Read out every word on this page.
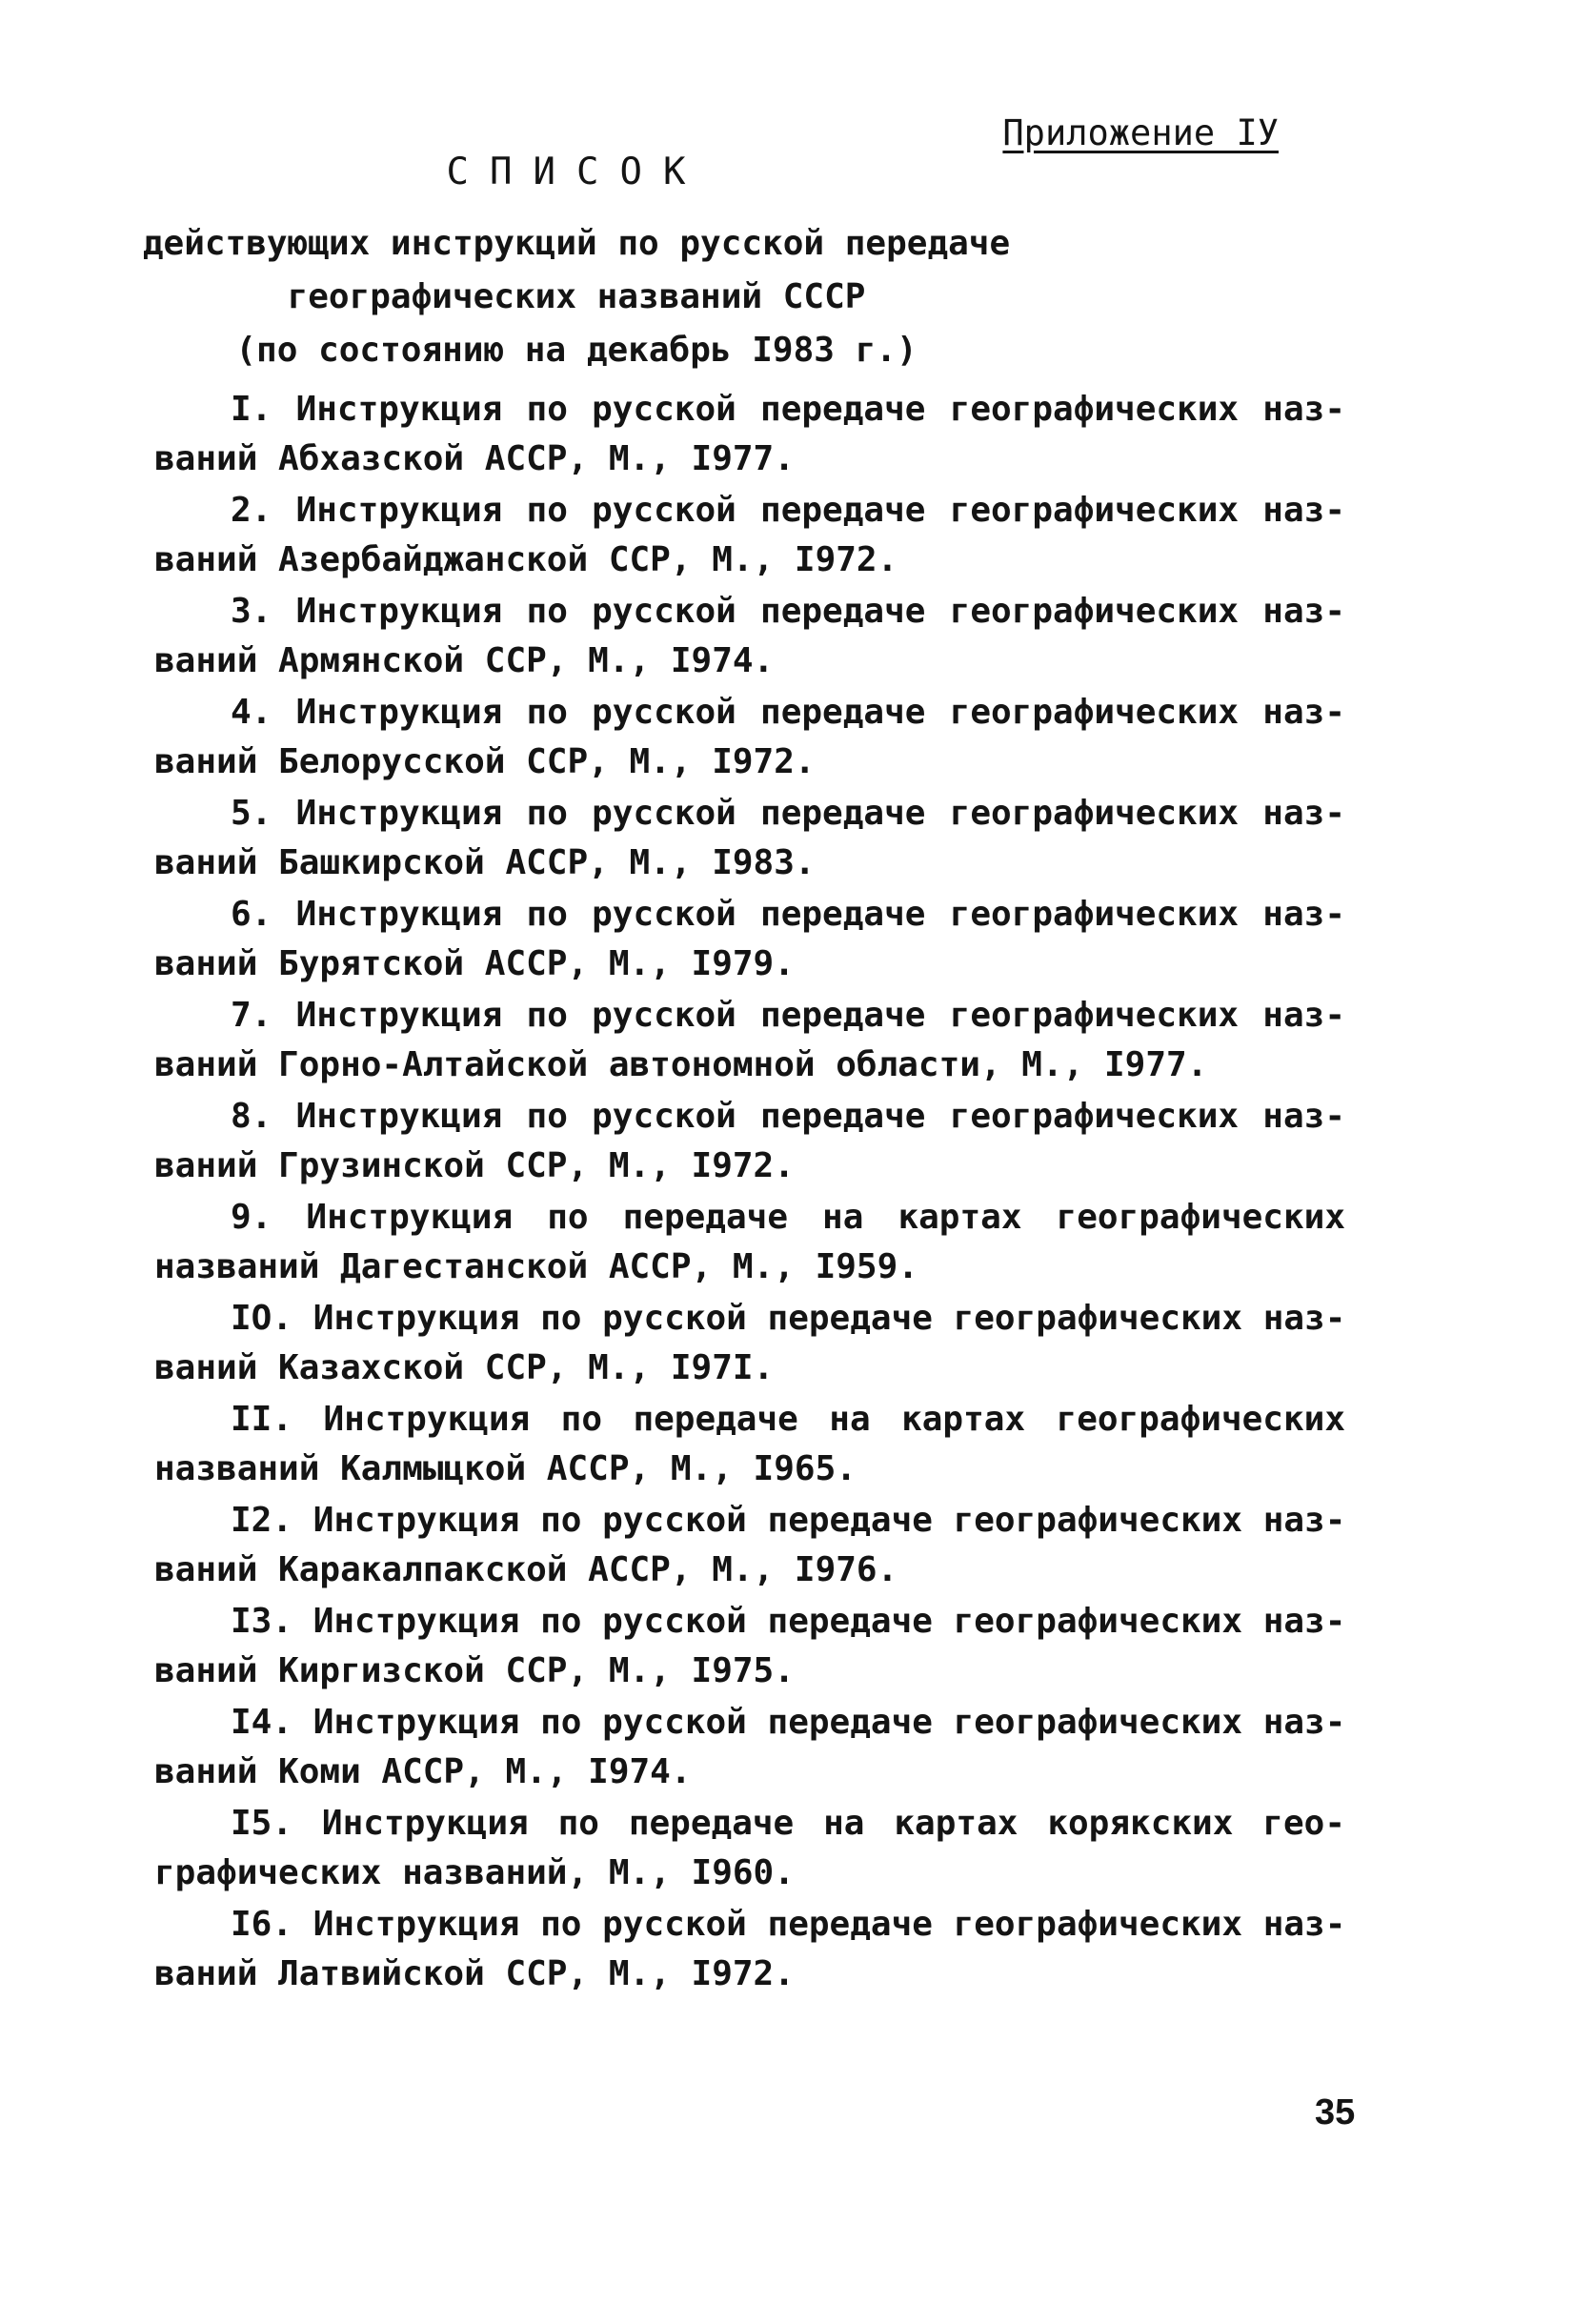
Приложение IУ
СПИСОК
действующих инструкций по русской передаче
географических названий СССР
(по состоянию на декабрь I983 г.)
I. Инструкция по русской передаче географических наз-
ваний Абхазской АССР, М., I977.
2. Инструкция по русской передаче географических наз-
ваний Азербайджанской ССР, М., I972.
3. Инструкция по русской передаче географических наз-
ваний Армянской ССР, М., I974.
4. Инструкция по русской передаче географических наз-
ваний Белорусской ССР, М., I972.
5. Инструкция по русской передаче географических наз-
ваний Башкирской АССР, М., I983.
6. Инструкция по русской передаче географических наз-
ваний Бурятской АССР, М., I979.
7. Инструкция по русской передаче географических наз-
ваний Горно-Алтайской автономной области, М., I977.
8. Инструкция по русской передаче географических наз-
ваний Грузинской ССР, М., I972.
9. Инструкция по передаче на картах географических
названий Дагестанской АССР, М., I959.
IO. Инструкция по русской передаче географических наз-
ваний Казахской ССР, М., I97I.
II. Инструкция по передаче на картах географических
названий Калмыцкой АССР, М., I965.
I2. Инструкция по русской передаче географических наз-
ваний Каракалпакской АССР, М., I976.
I3. Инструкция по русской передаче географических наз-
ваний Киргизской ССР, М., I975.
I4. Инструкция по русской передаче географических наз-
ваний Коми АССР, М., I974.
I5. Инструкция по передаче на картах корякских гео-
графических названий, М., I960.
I6. Инструкция по русской передаче географических наз-
ваний Латвийской ССР, М., I972.
35
